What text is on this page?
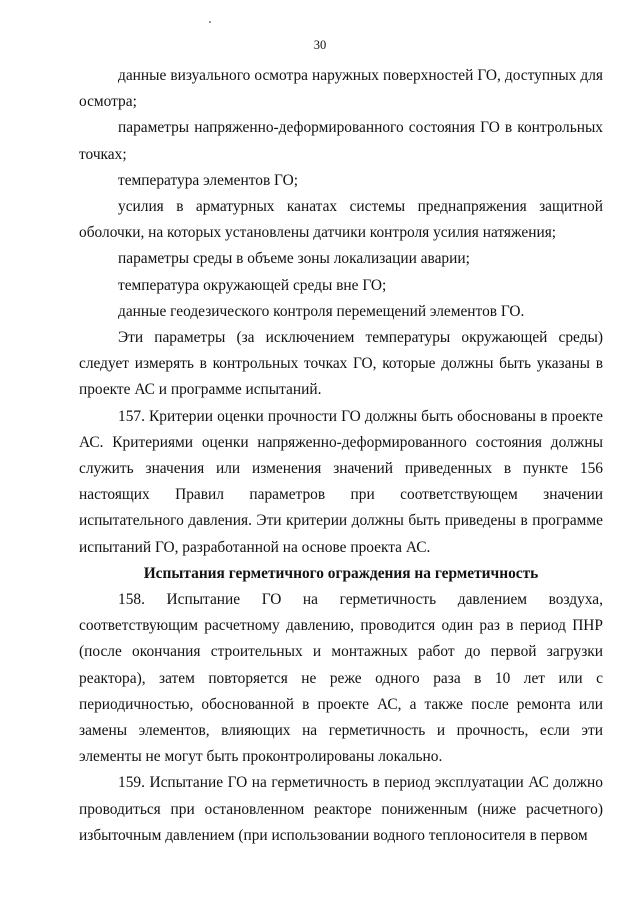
30

данные визуального осмотра наружных поверхностей ГО, доступных для осмотра;

параметры напряженно-деформированного состояния ГО в контрольных точках;

температура элементов ГО;

усилия в арматурных канатах системы преднапряжения защитной оболочки, на которых установлены датчики контроля усилия натяжения;

параметры среды в объеме зоны локализации аварии;

температура окружающей среды вне ГО;

данные геодезического контроля перемещений элементов ГО.

Эти параметры (за исключением температуры окружающей среды) следует измерять в контрольных точках ГО, которые должны быть указаны в проекте АС и программе испытаний.

157. Критерии оценки прочности ГО должны быть обоснованы в проекте АС. Критериями оценки напряженно-деформированного состояния должны служить значения или изменения значений приведенных в пункте 156 настоящих Правил параметров при соответствующем значении испытательного давления. Эти критерии должны быть приведены в программе испытаний ГО, разработанной на основе проекта АС.

Испытания герметичного ограждения на герметичность

158. Испытание ГО на герметичность давлением воздуха, соответствующим расчетному давлению, проводится один раз в период ПНР (после окончания строительных и монтажных работ до первой загрузки реактора), затем повторяется не реже одного раза в 10 лет или с периодичностью, обоснованной в проекте АС, а также после ремонта или замены элементов, влияющих на герметичность и прочность, если эти элементы не могут быть проконтролированы локально.

159. Испытание ГО на герметичность в период эксплуатации АС должно проводиться при остановленном реакторе пониженным (ниже расчетного) избыточным давлением (при использовании водного теплоносителя в первом
